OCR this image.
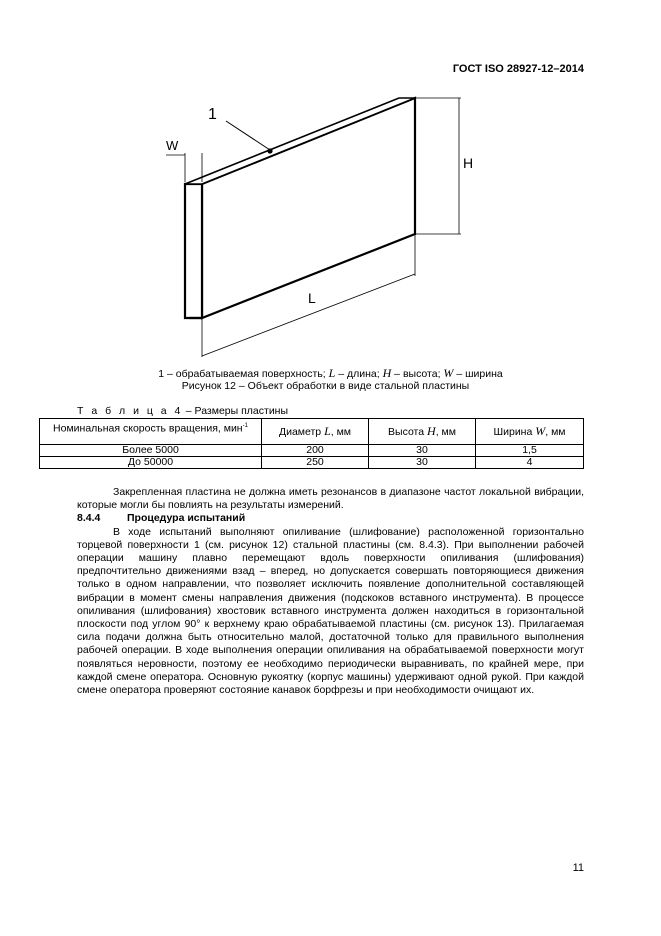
ГОСТ ISO 28927-12–2014
1
W
H
L
1 – обрабатываемая поверхность; L – длина; H – высота; W – ширина
Рисунок 12 – Объект обработки в виде стальной пластины
Т а б л и ц а 4 – Размеры пластины
Номинальная скорость вращения, мин$^{-1}$	Диаметр L, мм	Высота H, мм	Ширина W, мм
Более 5000	200	30	1,5
До 50000	250	30	4

Закрепленная пластина не должна иметь резонансов в диапазоне частот локальной вибрации, которые могли бы повлиять на результаты измерений.

8.4.4	Процедура испытаний

В ходе испытаний выполняют опиливание (шлифование) расположенной горизонтально торцевой поверхности 1 (см. рисунок 12) стальной пластины (см. 8.4.3). При выполнении рабочей операции машину плавно перемещают вдоль поверхности опиливания (шлифования) предпочтительно движениями взад – вперед, но допускается совершать повторяющиеся движения только в одном направлении, что позволяет исключить появление дополнительной составляющей вибрации в момент смены направления движения (подскоков вставного инструмента). В процессе опиливания (шлифования) хвостовик вставного инструмента должен находиться в горизонтальной плоскости под углом 90° к верхнему краю обрабатываемой пластины (см. рисунок 13). Прилагаемая сила подачи должна быть относительно малой, достаточной только для правильного выполнения рабочей операции. В ходе выполнения операции опиливания на обрабатываемой поверхности могут появляться неровности, поэтому ее необходимо периодически выравнивать, по крайней мере, при каждой смене оператора. Основную рукоятку (корпус машины) удерживают одной рукой. При каждой смене оператора проверяют состояние канавок борфрезы и при необходимости очищают их.

11
